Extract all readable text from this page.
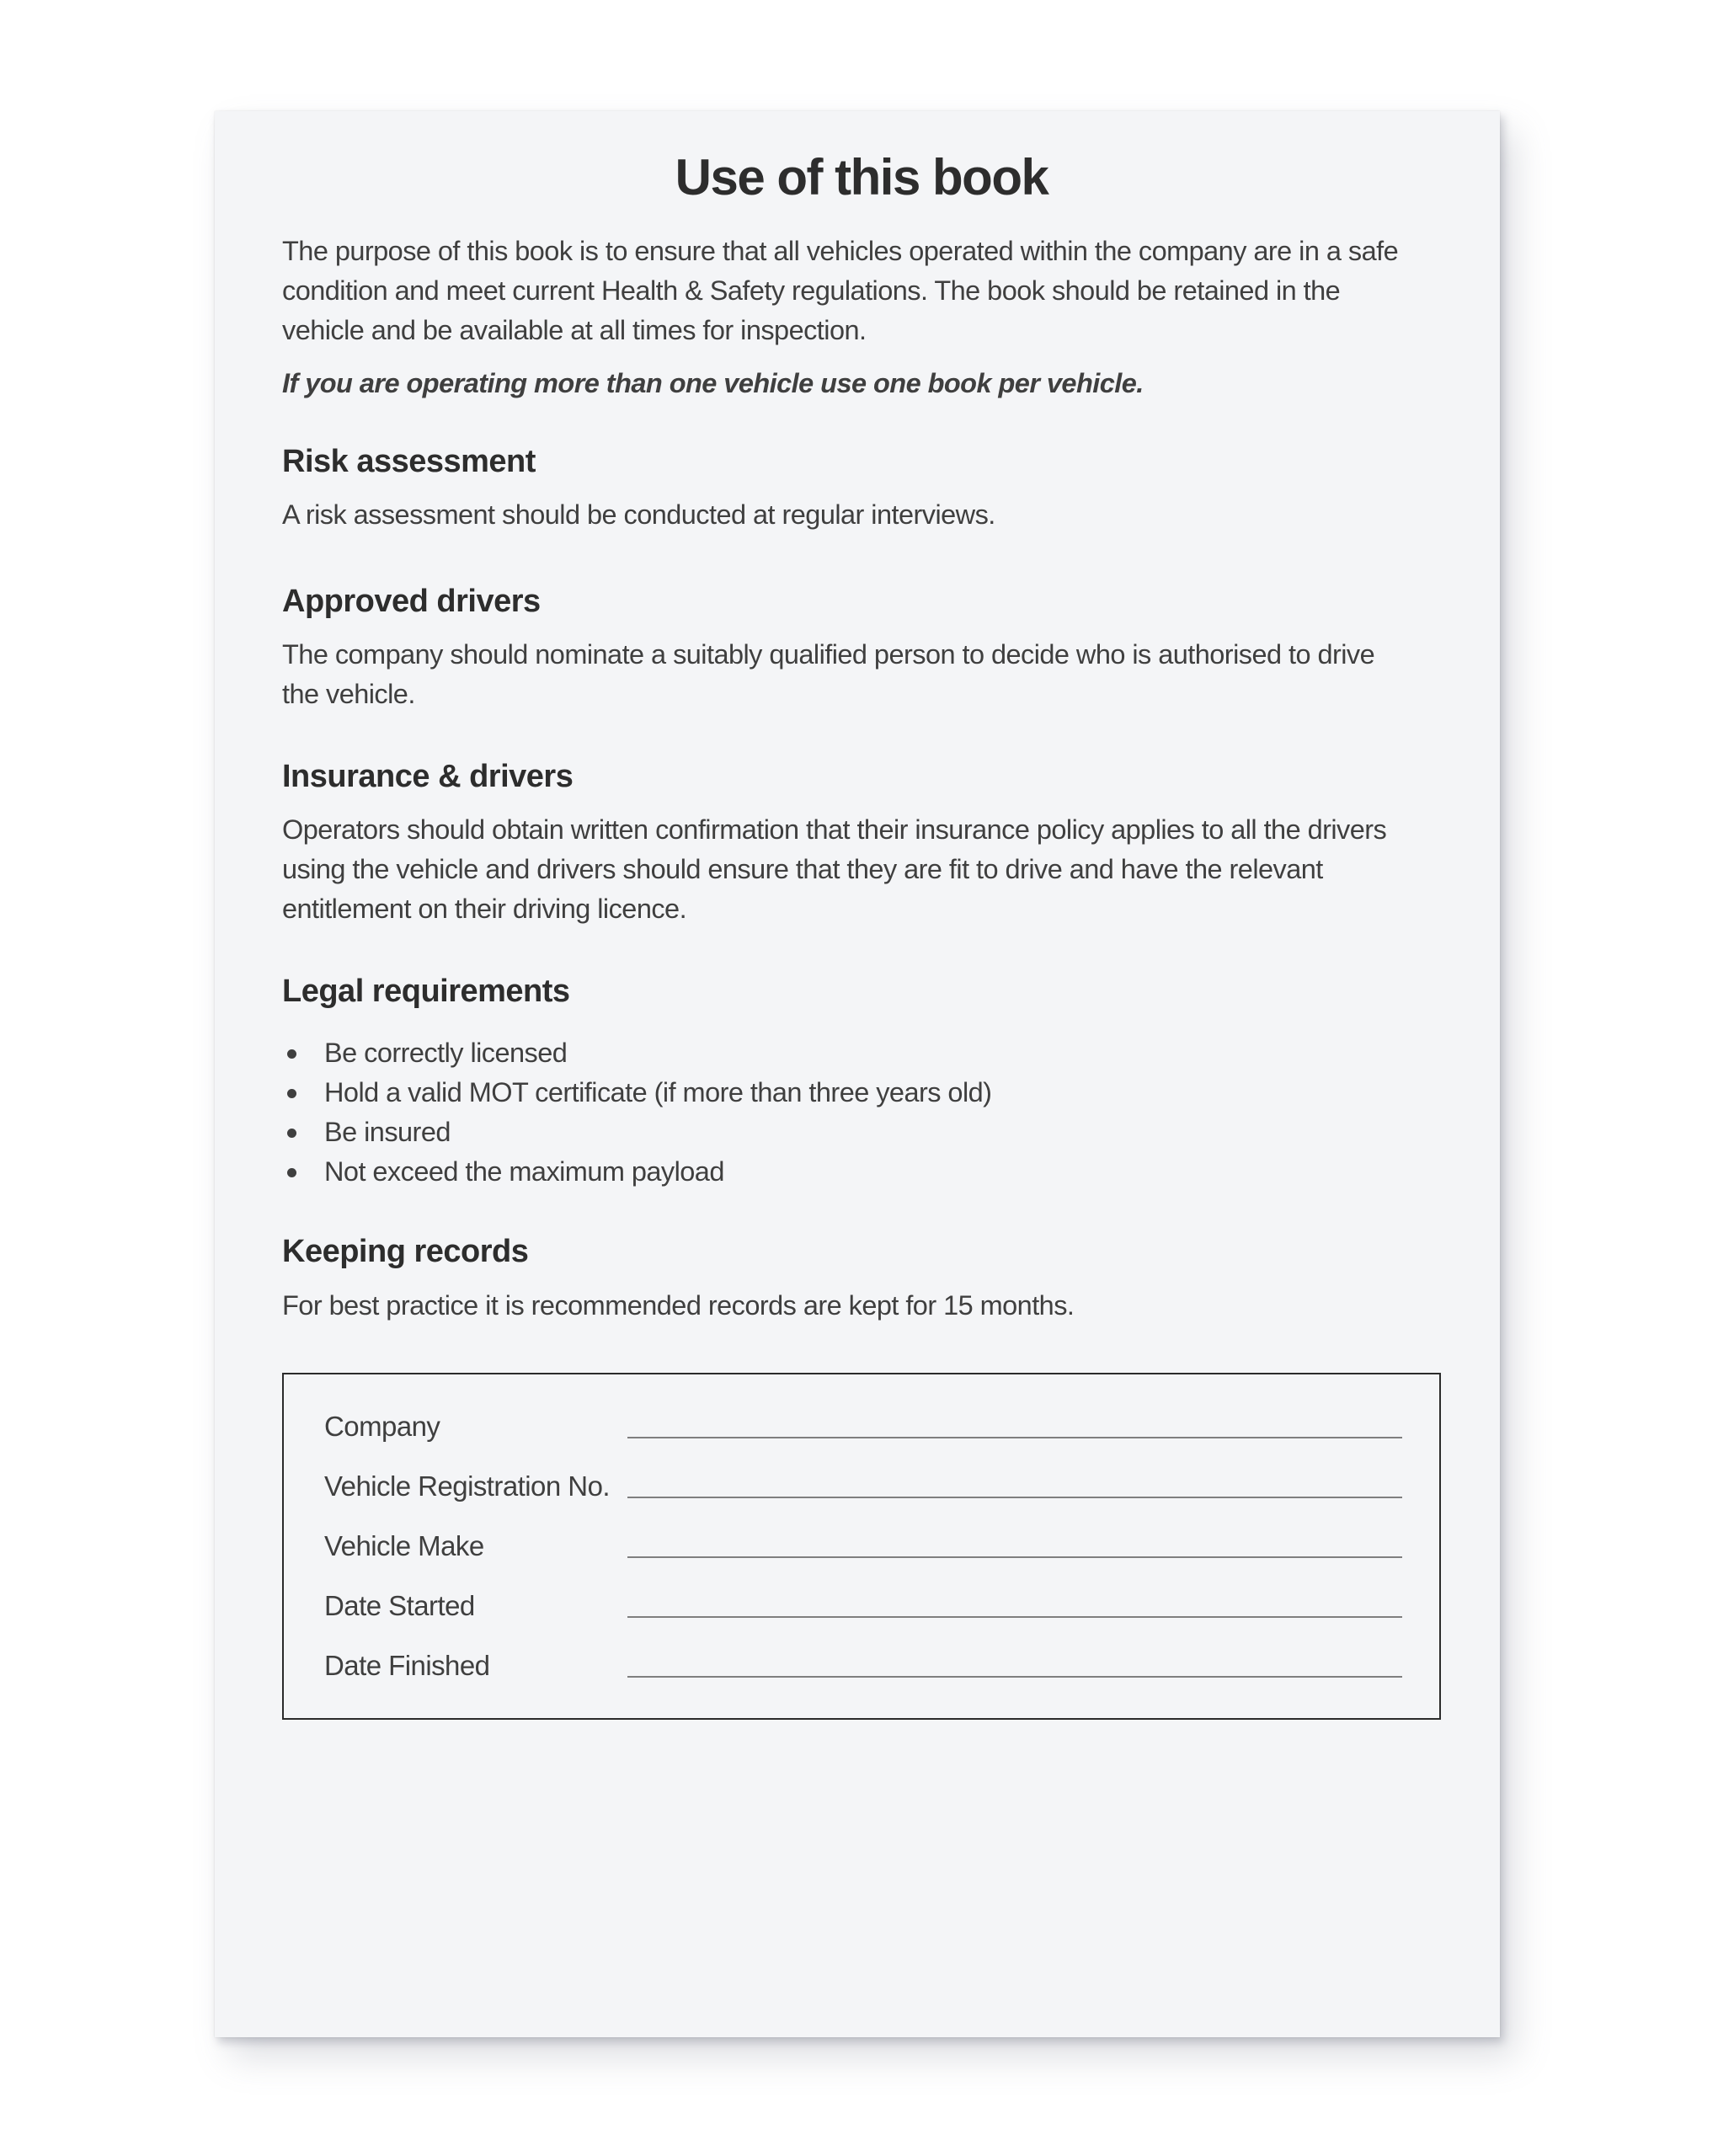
Use of this book
The purpose of this book is to ensure that all vehicles operated within the company are in a safe
condition and meet current Health & Safety regulations. The book should be retained in the
vehicle and be available at all times for inspection.
If you are operating more than one vehicle use one book per vehicle.
Risk assessment
A risk assessment should be conducted at regular interviews.
Approved drivers
The company should nominate a suitably qualified person to decide who is authorised to drive
the vehicle.
Insurance & drivers
Operators should obtain written confirmation that their insurance policy applies to all the drivers
using the vehicle and drivers should ensure that they are fit to drive and have the relevant
entitlement on their driving licence.
Legal requirements
Be correctly licensed
Hold a valid MOT certificate (if more than three years old)
Be insured
Not exceed the maximum payload
Keeping records
For best practice it is recommended records are kept for 15 months.
Company
Vehicle Registration No.
Vehicle Make
Date Started
Date Finished
